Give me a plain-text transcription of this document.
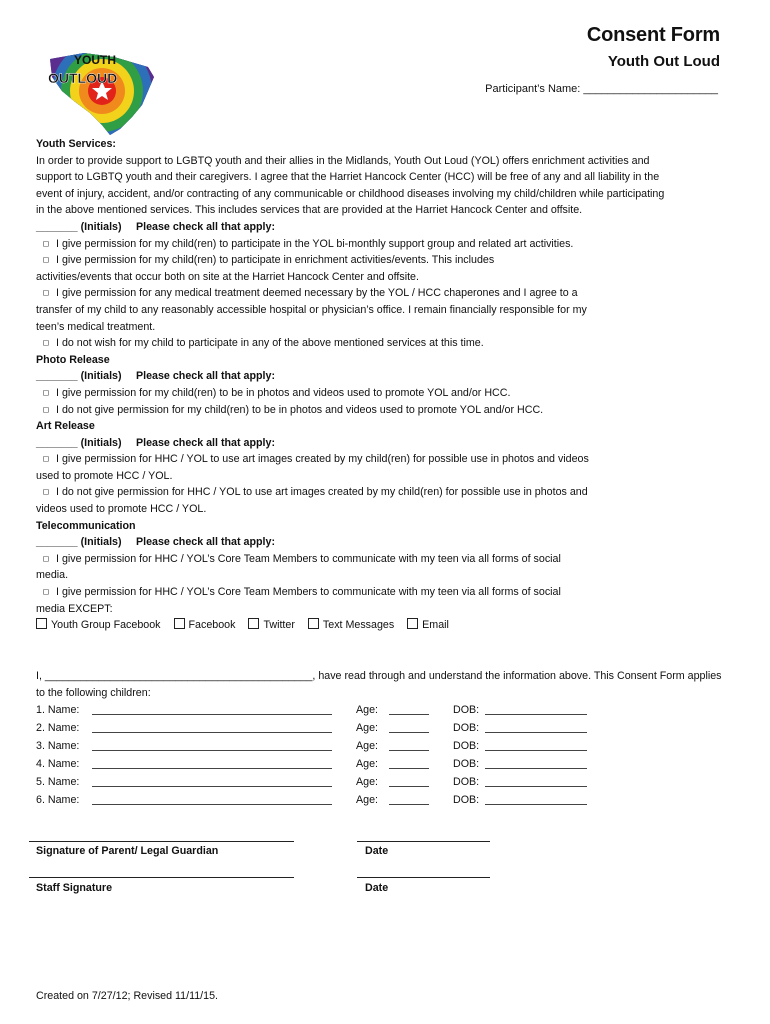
YOUTH
OUTLOUD
Consent Form
Youth Out Loud
Participant’s Name: ______________________

Youth Services:

In order to provide support to LGBTQ youth and their allies in the Midlands, Youth Out Loud (YOL) offers enrichment activities and

support to LGBTQ youth and their caregivers. I agree that the Harriet Hancock Center (HCC) will be free of any and all liability in the

event of injury, accident, and/or contracting of any communicable or childhood diseases involving my child/children while participating

in the above mentioned services. This includes services that are provided at the Harriet Hancock Center and offsite.

_______ (Initials)	Please check all that apply:

◻ I give permission for my child(ren) to participate in the YOL bi-monthly support group and related art activities.

◻ I give permission for my child(ren) to participate in enrichment activities/events. This includes

activities/events that occur both on site at the Harriet Hancock Center and offsite.

◻ I give permission for any medical treatment deemed necessary by the YOL / HCC chaperones and I agree to a

transfer of my child to any reasonably accessible hospital or physician’s office. I remain financially responsible for my

teen’s medical treatment.

◻ I do not wish for my child to participate in any of the above mentioned services at this time.

Photo Release

_______ (Initials)	Please check all that apply:

◻ I give permission for my child(ren) to be in photos and videos used to promote YOL and/or HCC.

◻ I do not give permission for my child(ren) to be in photos and videos used to promote YOL and/or HCC.

Art Release

_______ (Initials)	Please check all that apply:

◻ I give permission for HHC / YOL to use art images created by my child(ren) for possible use in photos and videos

used to promote HCC / YOL.

◻ I do not give permission for HHC / YOL to use art images created by my child(ren) for possible use in photos and

videos used to promote HCC / YOL.

Telecommunication

_______ (Initials)	Please check all that apply:

◻ I give permission for HHC / YOL’s Core Team Members to communicate with my teen via all forms of social

media.

◻ I give permission for HHC / YOL’s Core Team Members to communicate with my teen via all forms of social

media EXCEPT:

Youth Group Facebook	Facebook	Twitter	Text Messages	Email

I, _____________________________________________, have read through and understand the information above. This Consent Form applies

to the following children:

1. Name:	Age:	DOB:
2. Name:	Age:	DOB:
3. Name:	Age:	DOB:
4. Name:	Age:	DOB:
5. Name:	Age:	DOB:
6. Name:	Age:	DOB:
Signature of Parent/ Legal Guardian	Date
Staff Signature	Date
Created on 7/27/12; Revised 11/11/15.
